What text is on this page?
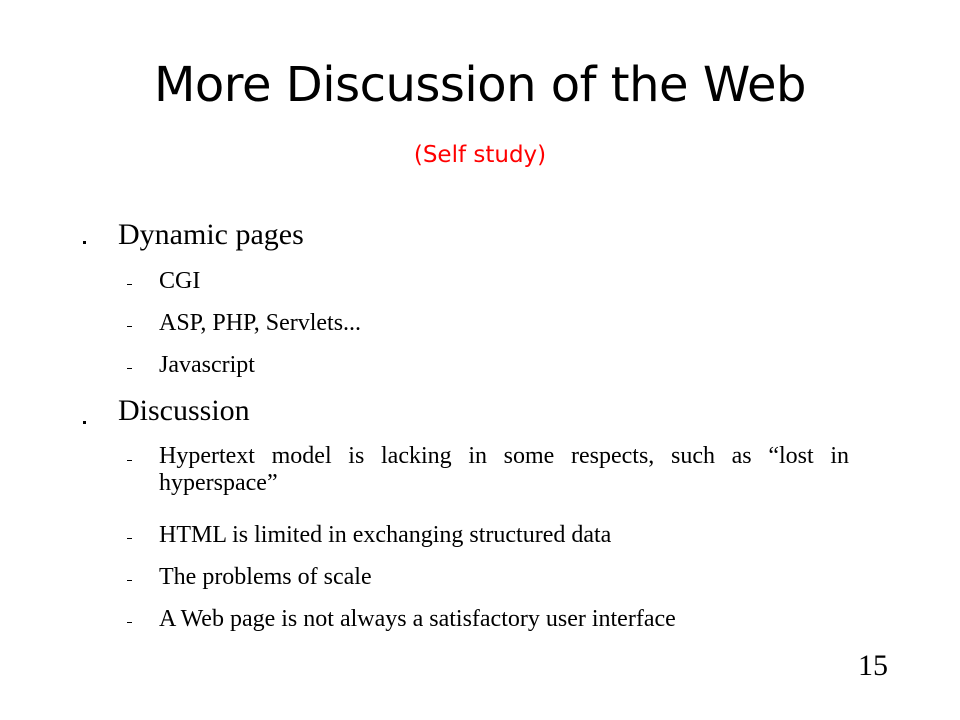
More Discussion of the Web
(Self study)
Dynamic pages
CGI
ASP, PHP, Servlets...
Javascript
Discussion
Hypertext model is lacking in some respects, such as “lost in hyperspace”
HTML is limited in exchanging structured data
The problems of scale
A Web page is not always a satisfactory user interface
15
